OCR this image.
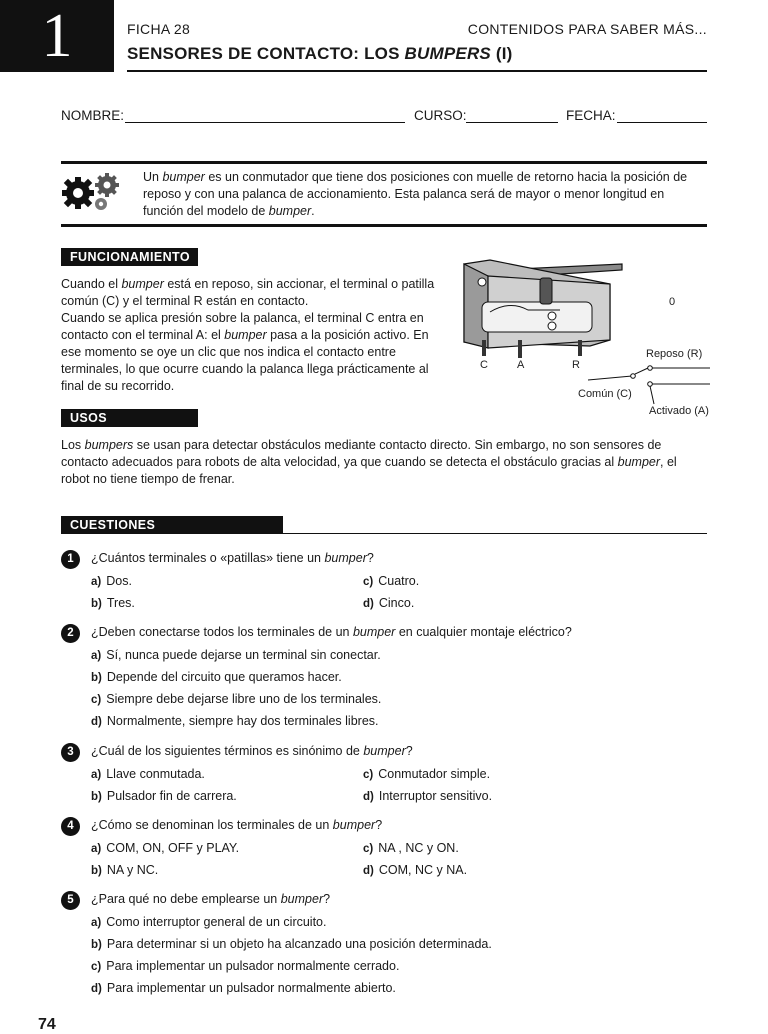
1	FICHA 28	CONTENIDOS PARA SABER MÁS...
SENSORES DE CONTACTO: LOS BUMPERS (I)
NOMBRE:	CURSO:	FECHA:
Un bumper es un conmutador que tiene dos posiciones con muelle de retorno hacia la posición de reposo y con una palanca de accionamiento. Esta palanca será de mayor o menor longitud en función del modelo de bumper.
FUNCIONAMIENTO

Cuando el bumper está en reposo, sin accionar, el terminal o patilla común (C) y el terminal R están en contacto.

Cuando se aplica presión sobre la palanca, el terminal C entra en contacto con el terminal A: el bumper pasa a la posición activo. En ese momento se oye un clic que nos indica el contacto entre terminales, lo que ocurre cuando la palanca llega prácticamente al final de su recorrido.

C	A	R
0
Reposo (R)
Común (C)
Activado (A)
USOS
Los bumpers se usan para detectar obstáculos mediante contacto directo. Sin embargo, no son sensores de contacto adecuados para robots de alta velocidad, ya que cuando se detecta el obstáculo gracias al bumper, el robot no tiene tiempo de frenar.
CUESTIONES
1	¿Cuántos terminales o «patillas» tiene un bumper?
a) Dos.
b) Tres.
c) Cuatro.
d) Cinco.
2	¿Deben conectarse todos los terminales de un bumper en cualquier montaje eléctrico?
a) Sí, nunca puede dejarse un terminal sin conectar.
b) Depende del circuito que queramos hacer.
c) Siempre debe dejarse libre uno de los terminales.
d) Normalmente, siempre hay dos terminales libres.
3	¿Cuál de los siguientes términos es sinónimo de bumper?
a) Llave conmutada.
b) Pulsador fin de carrera.
c) Conmutador simple.
d) Interruptor sensitivo.
4	¿Cómo se denominan los terminales de un bumper?
a) COM, ON, OFF y PLAY.
b) NA y NC.
c) NA , NC y ON.
d) COM, NC y NA.
5	¿Para qué no debe emplearse un bumper?
a) Como interruptor general de un circuito.
b) Para determinar si un objeto ha alcanzado una posición determinada.
c) Para implementar un pulsador normalmente cerrado.
d) Para implementar un pulsador normalmente abierto.
74
